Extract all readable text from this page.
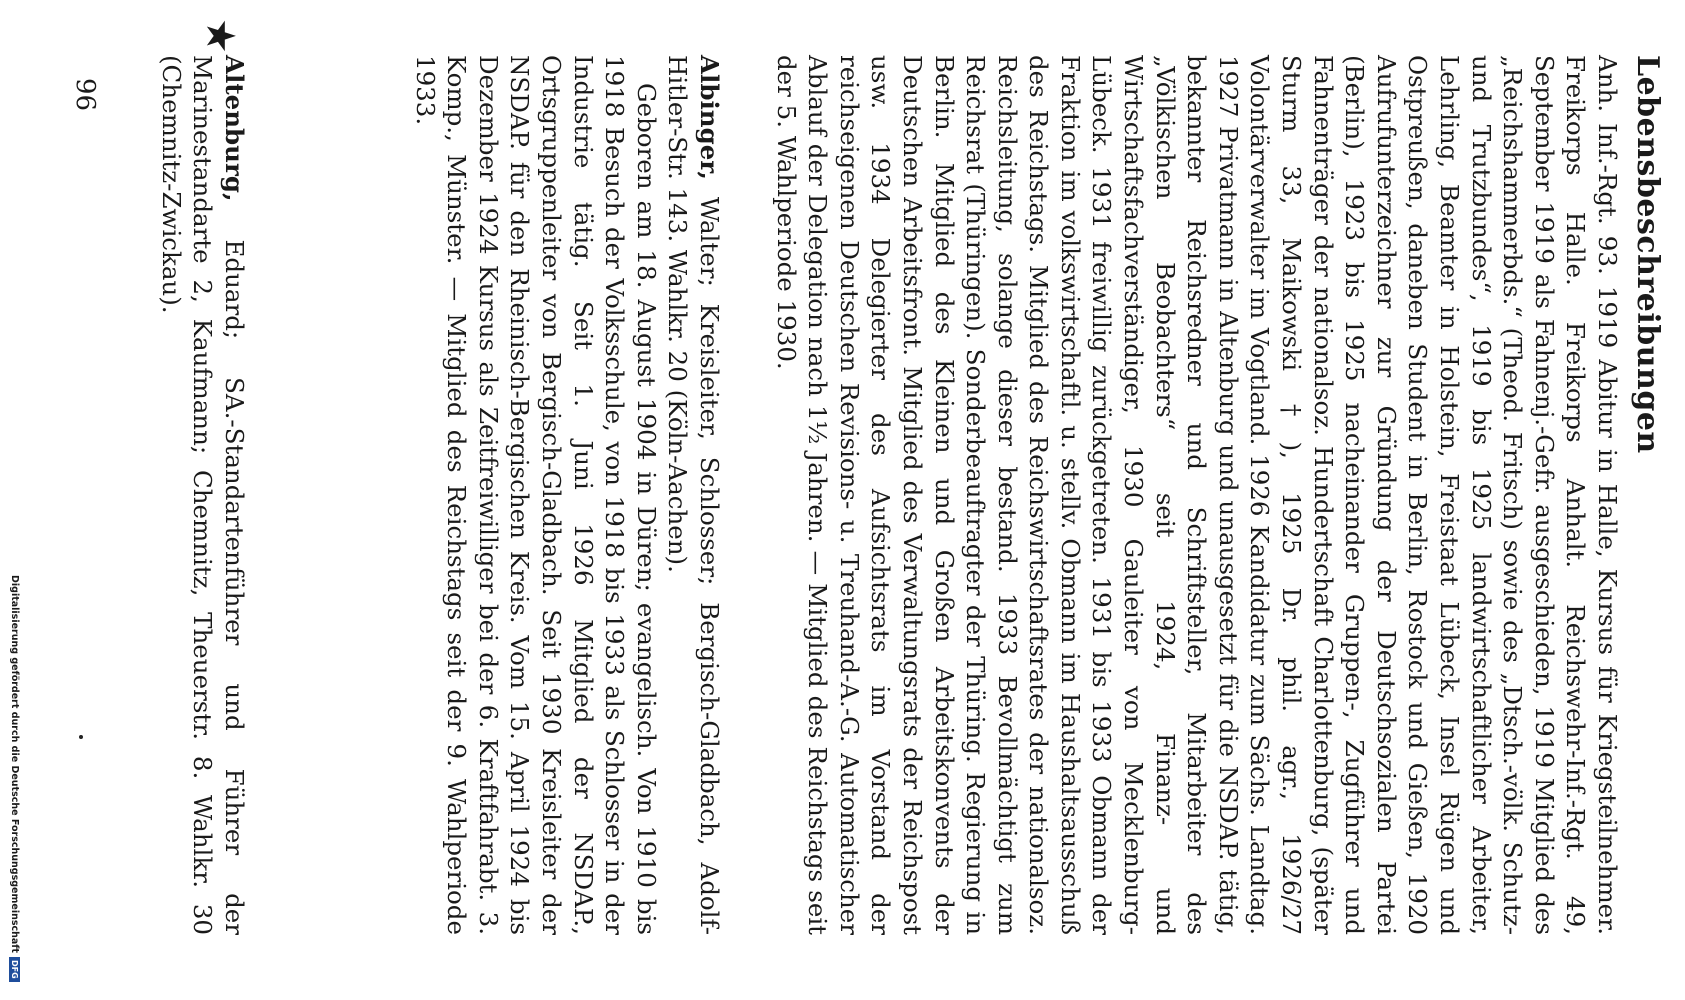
Lebensbeschreibungen

Anh. Inf.-Rgt. 93. 1919 Abitur in Halle, Kursus für Kriegsteilnehmer. Freikorps Halle. Freikorps Anhalt. Reichswehr-Inf.-Rgt. 49, September 1919 als Fahnenj.-Gefr. ausgeschieden, 1919 Mitglied des „Reichshammerbds.“ (Theod. Fritsch) sowie des „Dtsch.-völk. Schutz- und Trutzbundes“, 1919 bis 1925 landwirtschaftlicher Arbeiter, Lehrling, Beamter in Holstein, Freistaat Lübeck, Insel Rügen und Ostpreußen, daneben Student in Berlin, Rostock und Gießen, 1920 Aufrufunterzeichner zur Gründung der Deutschsozialen Partei (Berlin), 1923 bis 1925 nacheinander Gruppen-, Zugführer und Fahnenträger der nationalsoz. Hundertschaft Charlottenburg, (später Sturm 33, Maikowski †), 1925 Dr. phil. agr., 1926/27 Volontärverwalter im Vogtland. 1926 Kandidatur zum Sächs. Landtag. 1927 Privatmann in Altenburg und unausgesetzt für die NSDAP. tätig, bekannter Reichsredner und Schriftsteller, Mitarbeiter des „Völkischen Beobachters“ seit 1924, Finanz- und Wirtschaftsfachverständiger, 1930 Gauleiter von Mecklenburg-Lübeck. 1931 freiwillig zurückgetreten. 1931 bis 1933 Obmann der Fraktion im volkswirtschaftl. u. stellv. Obmann im Haushaltsausschuß des Reichstags. Mitglied des Reichswirtschaftsrates der nationalsoz. Reichsleitung, solange dieser bestand. 1933 Bevollmächtigt zum Reichsrat (Thüringen). Sonderbeauftragter der Thüring. Regierung in Berlin. Mitglied des Kleinen und Großen Arbeitskonvents der Deutschen Arbeitsfront. Mitglied des Verwaltungsrats der Reichspost usw. 1934 Delegierter des Aufsichtsrats im Vorstand der reichseigenen Deutschen Revisions- u. Treuhand-A.-G. Automatischer Ablauf der Delegation nach 1½ Jahren. — Mitglied des Reichstags seit der 5. Wahlperiode 1930.

Albinger, Walter; Kreisleiter, Schlosser; Bergisch-Gladbach, Adolf-Hitler-Str. 143. Wahlkr. 20 (Köln-Aachen).

Geboren am 18. August 1904 in Düren; evangelisch. Von 1910 bis 1918 Besuch der Volksschule, von 1918 bis 1933 als Schlosser in der Industrie tätig. Seit 1. Juni 1926 Mitglied der NSDAP., Ortsgruppenleiter von Bergisch-Gladbach. Seit 1930 Kreisleiter der NSDAP. für den Rheinisch-Bergischen Kreis. Vom 15. April 1924 bis Dezember 1924 Kursus als Zeitfreiwilliger bei der 6. Kraftfahrabt. 3. Komp., Münster. — Mitglied des Reichstags seit der 9. Wahlperiode 1933.

Altenburg, Eduard; SA.-Standartenführer und Führer der Marinestandarte 2, Kaufmann; Chemnitz, Theuerstr. 8. Wahlkr. 30 (Chemnitz-Zwickau).

★
96
Digitalisierung gefördert durch die Deutsche Forschungsgemeinschaft
DFG
